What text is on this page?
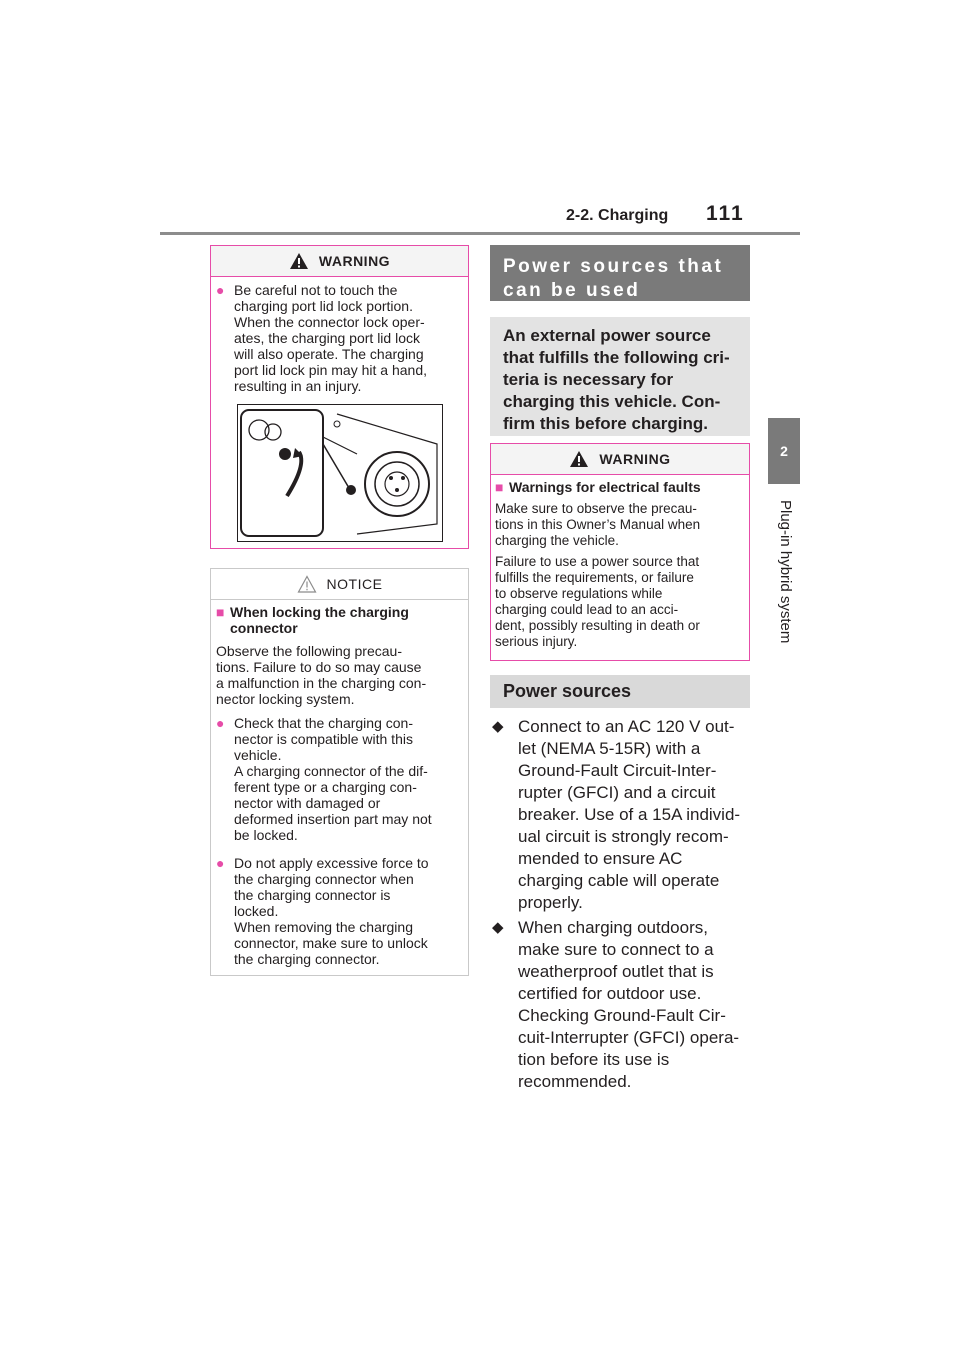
2-2. Charging 111
2
Plug-in hybrid system
WARNING
● Be careful not to touch the
charging port lid lock portion.
When the connector lock oper-
ates, the charging port lid lock
will also operate. The charging
port lid lock pin may hit a hand,
resulting in an injury.
NOTICE
■ When locking the charging
connector
Observe the following precau-
tions. Failure to do so may cause
a malfunction in the charging con-
nector locking system.
● Check that the charging con-
nector is compatible with this
vehicle.
A charging connector of the dif-
ferent type or a charging con-
nector with damaged or
deformed insertion part may not
be locked.
● Do not apply excessive force to
the charging connector when
the charging connector is
locked.
When removing the charging
connector, make sure to unlock
the charging connector.
Power sources that
can be used
An external power source
that fulfills the following cri-
teria is necessary for
charging this vehicle. Con-
firm this before charging.
WARNING
■ Warnings for electrical faults
Make sure to observe the precau-
tions in this Owner’s Manual when
charging the vehicle.
Failure to use a power source that
fulfills the requirements, or failure
to observe regulations while
charging could lead to an acci-
dent, possibly resulting in death or
serious injury.
Power sources
◆ Connect to an AC 120 V out-
let (NEMA 5-15R) with a
Ground-Fault Circuit-Inter-
rupter (GFCI) and a circuit
breaker. Use of a 15A individ-
ual circuit is strongly recom-
mended to ensure AC
charging cable will operate
properly.
◆ When charging outdoors,
make sure to connect to a
weatherproof outlet that is
certified for outdoor use.
Checking Ground-Fault Cir-
cuit-Interrupter (GFCI) opera-
tion before its use is
recommended.
